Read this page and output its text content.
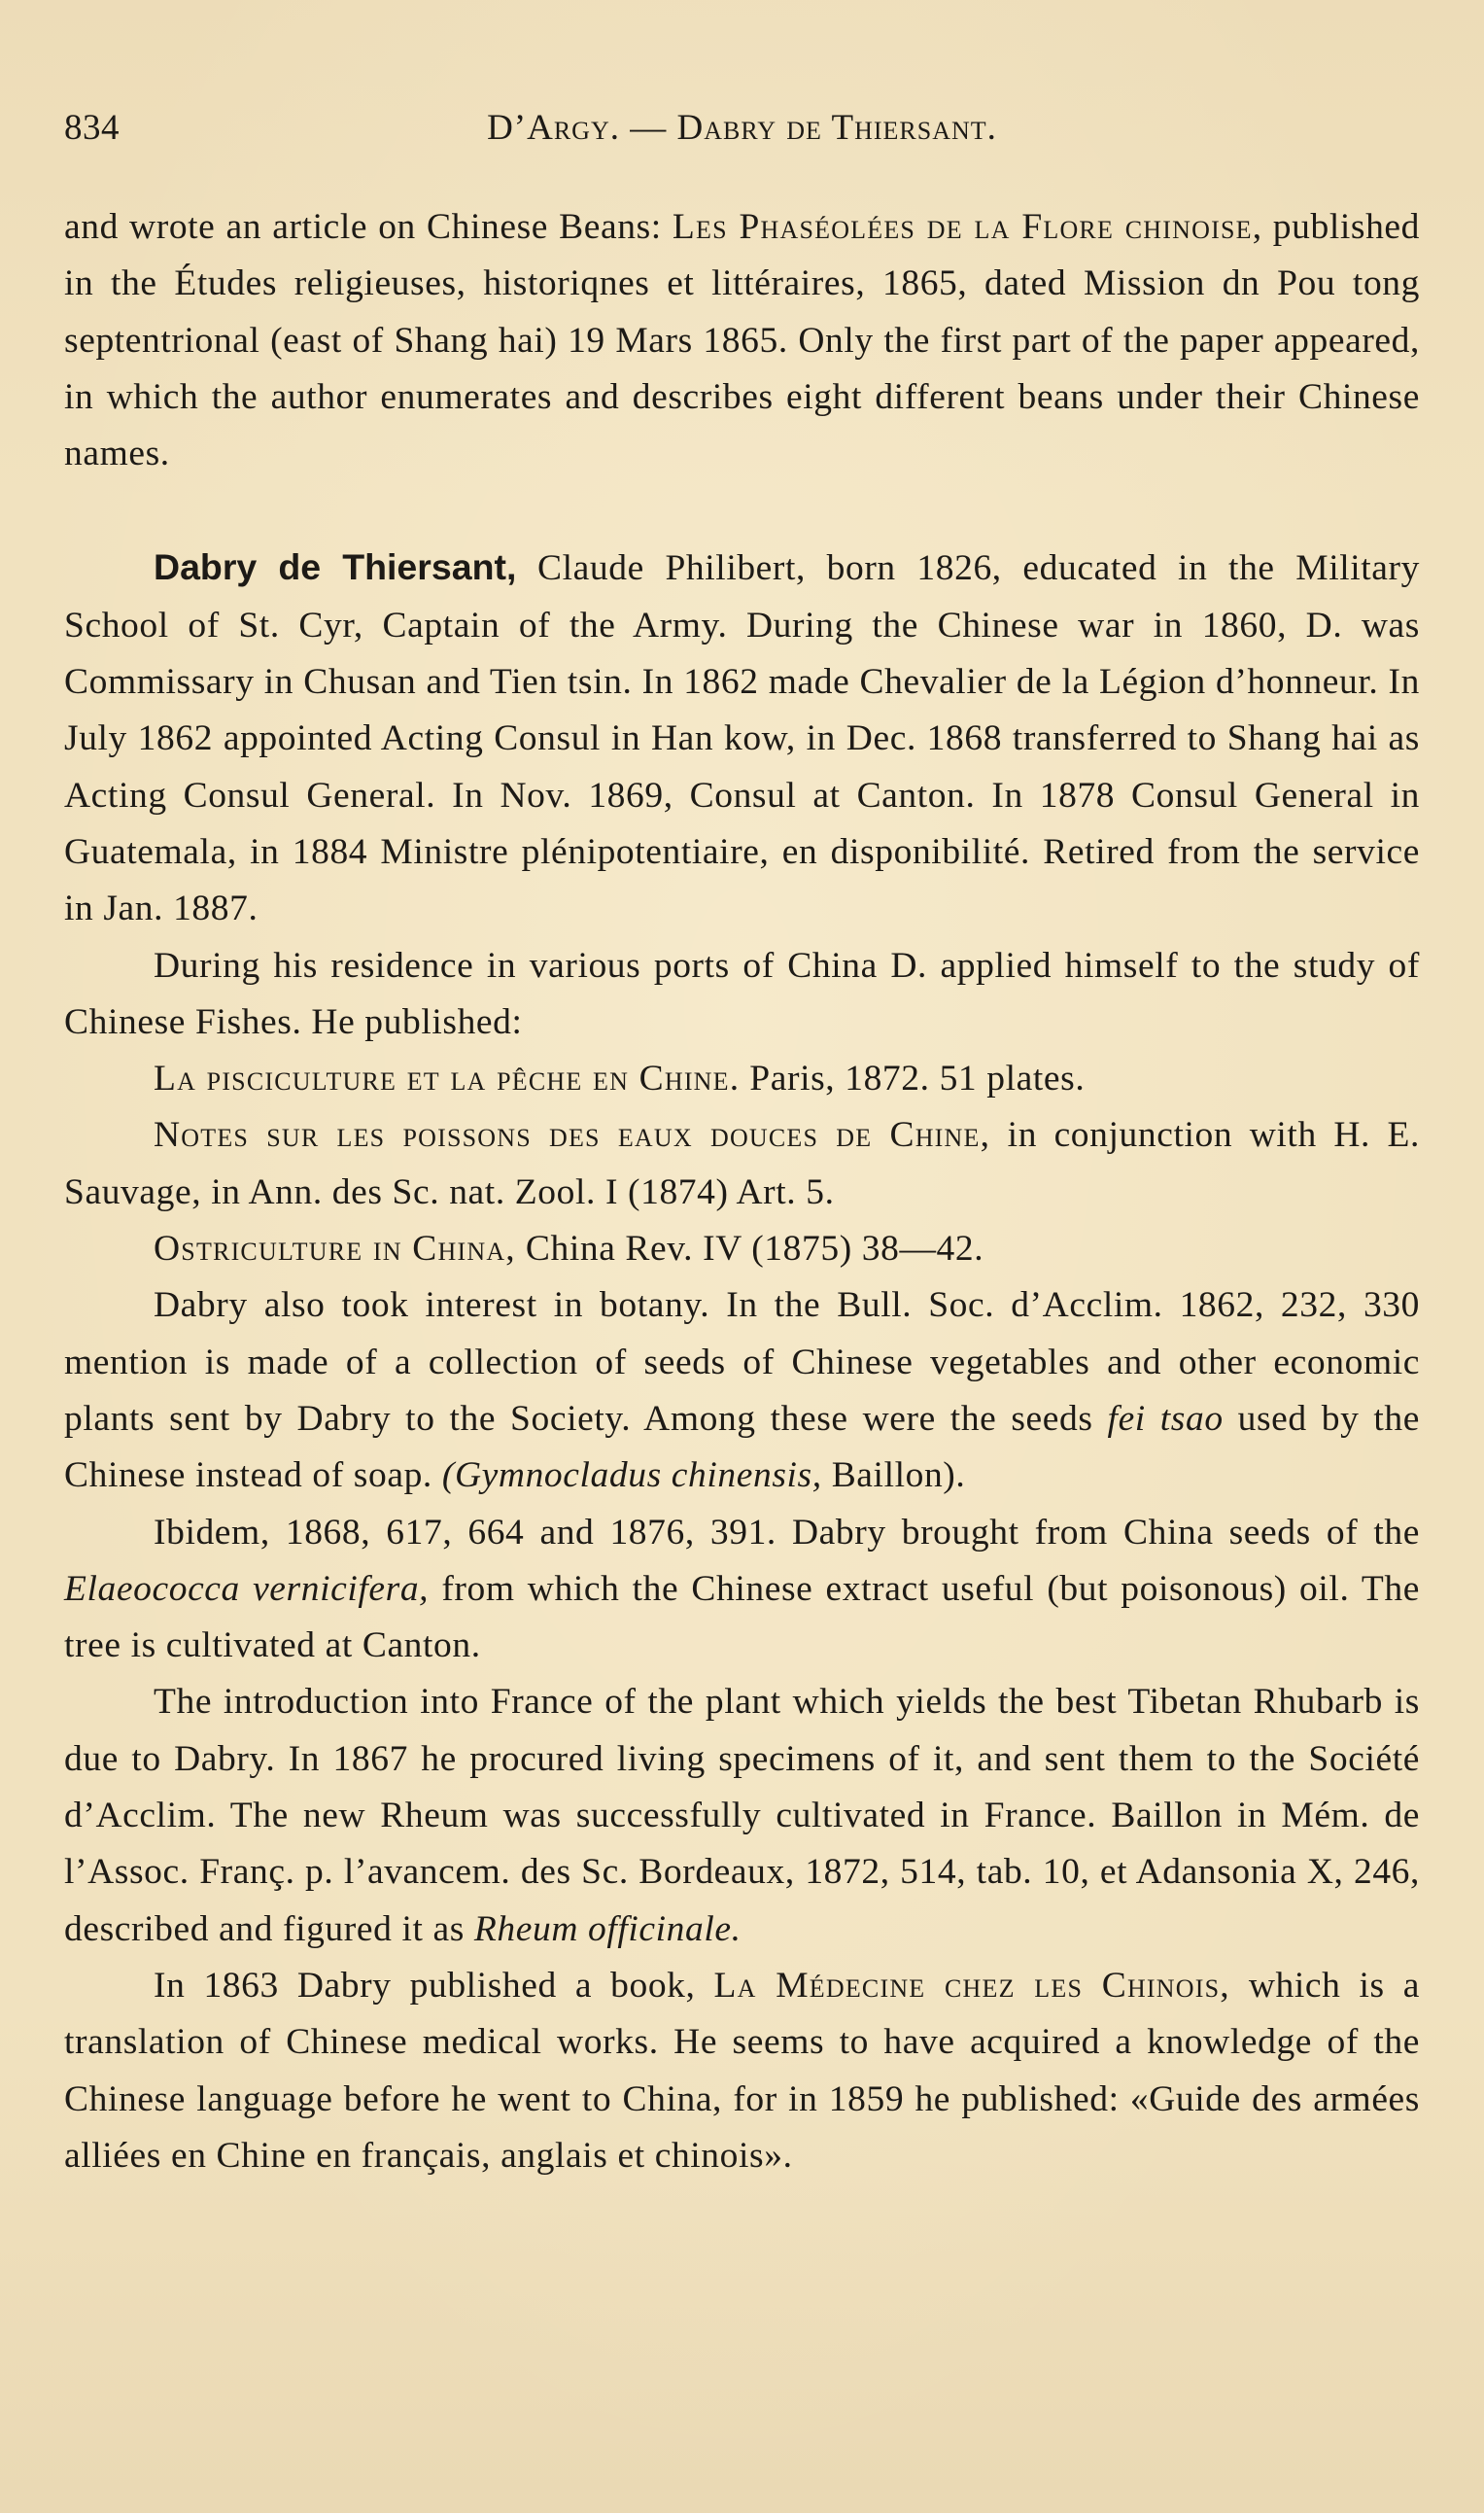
834	D’Argy. — Dabry de Thiersant.

and wrote an article on Chinese Beans: Les Phaséolées de la Flore chinoise, published in the Études religieuses, historiqnes et littéraires, 1865, dated Mission dn Pou tong septentrional (east of Shang hai) 19 Mars 1865. Only the first part of the paper appeared, in which the author enumerates and describes eight different beans under their Chinese names.

Dabry de Thiersant, Claude Philibert, born 1826, educated in the Military School of St. Cyr, Captain of the Army. During the Chinese war in 1860, D. was Commissary in Chusan and Tien tsin. In 1862 made Chevalier de la Légion d’honneur. In July 1862 appointed Acting Consul in Han kow, in Dec. 1868 transferred to Shang hai as Acting Consul General. In Nov. 1869, Consul at Canton. In 1878 Consul General in Guatemala, in 1884 Ministre plénipotentiaire, en disponibilité. Retired from the service in Jan. 1887.

During his residence in various ports of China D. applied himself to the study of Chinese Fishes. He published:

La pisciculture et la pêche en Chine. Paris, 1872. 51 plates.

Notes sur les poissons des eaux douces de Chine, in conjunction with H. E. Sauvage, in Ann. des Sc. nat. Zool. I (1874) Art. 5.

Ostriculture in China, China Rev. IV (1875) 38—42.

Dabry also took interest in botany. In the Bull. Soc. d’Acclim. 1862, 232, 330 mention is made of a collection of seeds of Chinese vegetables and other economic plants sent by Dabry to the Society. Among these were the seeds fei tsao used by the Chinese instead of soap. (Gymnocladus chinensis, Baillon).

Ibidem, 1868, 617, 664 and 1876, 391. Dabry brought from China seeds of the Elaeococca vernicifera, from which the Chinese extract useful (but poisonous) oil. The tree is cultivated at Canton.

The introduction into France of the plant which yields the best Tibetan Rhubarb is due to Dabry. In 1867 he procured living specimens of it, and sent them to the Société d’Acclim. The new Rheum was successfully cultivated in France. Baillon in Mém. de l’Assoc. Franç. p. l’avancem. des Sc. Bordeaux, 1872, 514, tab. 10, et Adansonia X, 246, described and figured it as Rheum officinale.

In 1863 Dabry published a book, La Médecine chez les Chinois, which is a translation of Chinese medical works. He seems to have acquired a knowledge of the Chinese language before he went to China, for in 1859 he published: «Guide des armées alliées en Chine en français, anglais et chinois».
